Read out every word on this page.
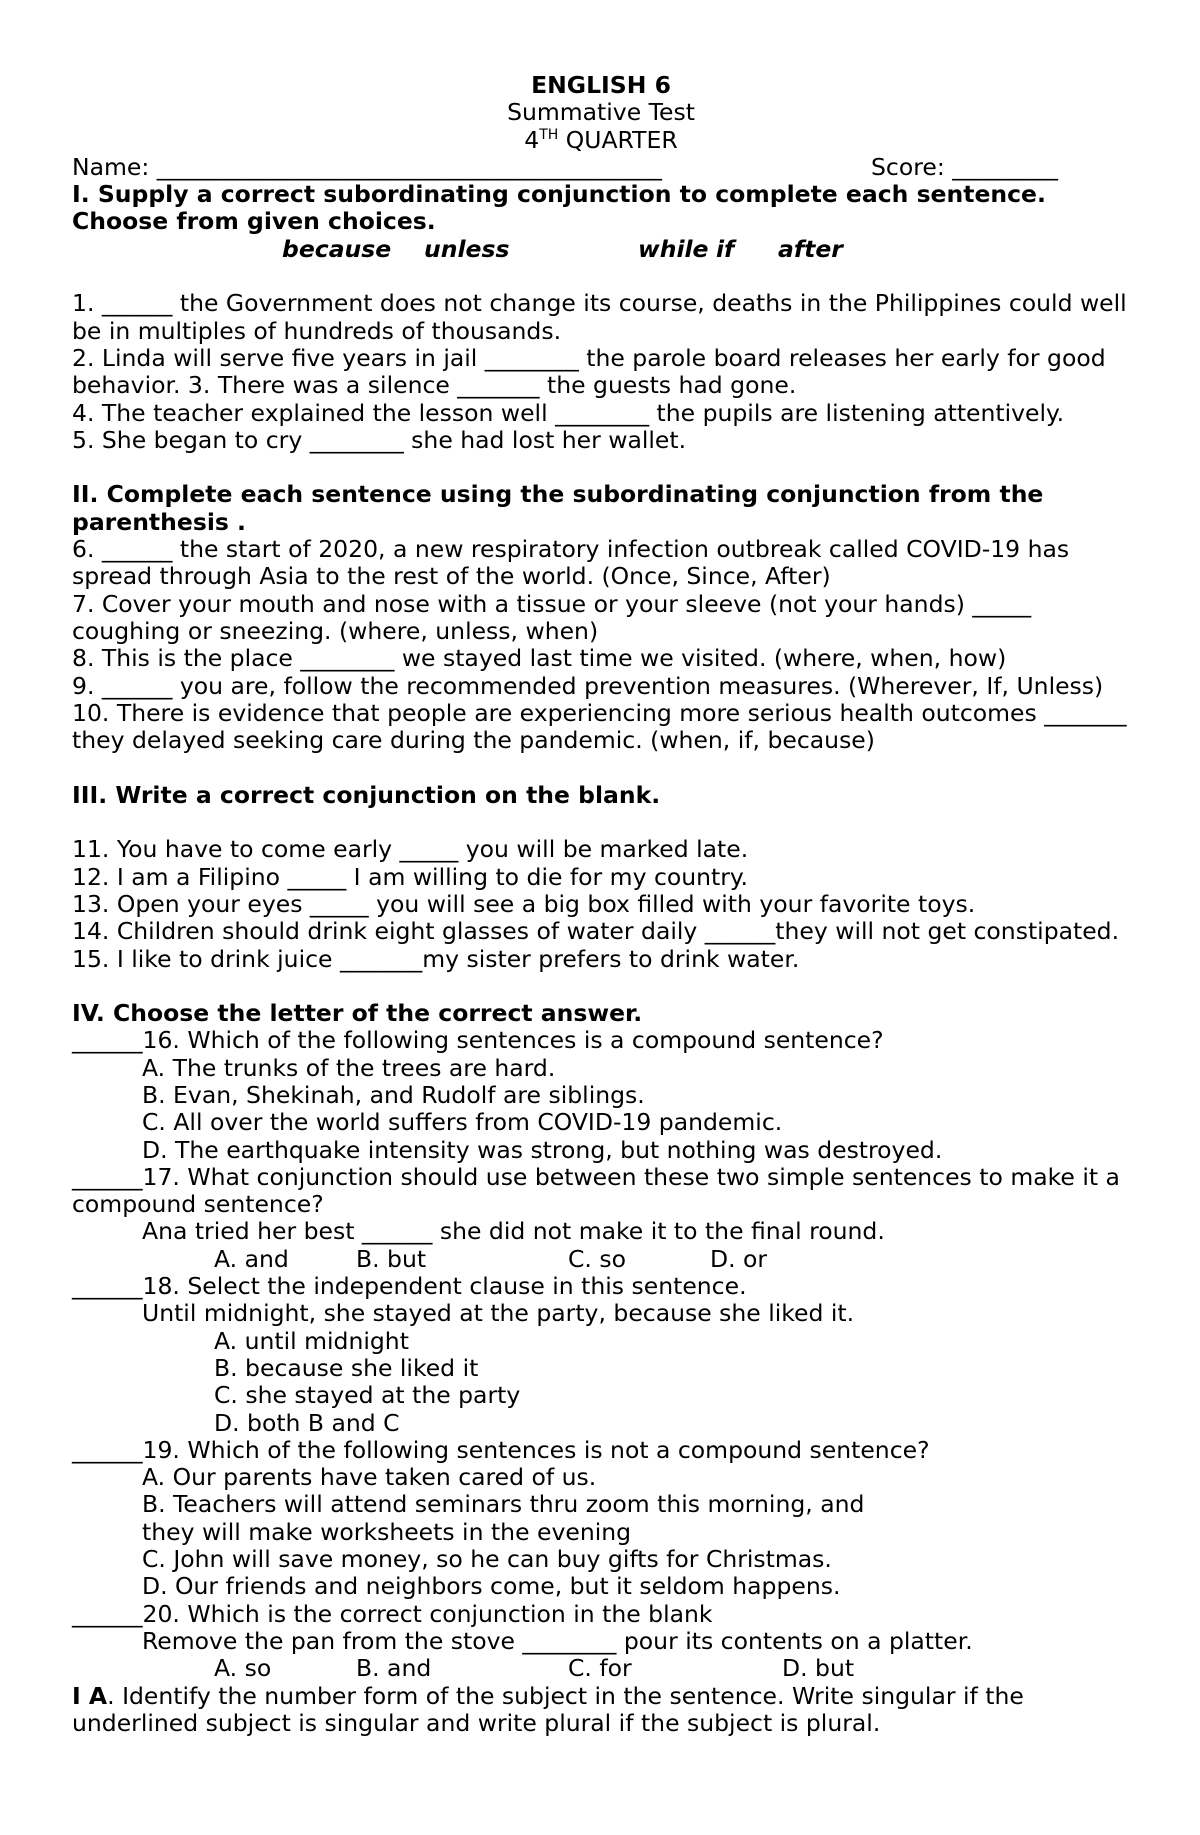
ENGLISH 6
Summative Test
4TH QUARTER
Name: ___________________________________________	Score: _________
I. Supply a correct subordinating conjunction to complete each sentence.
Choose from given choices.
because unless	while if after
1. ______ the Government does not change its course, deaths in the Philippines could well
be in multiples of hundreds of thousands.
2. Linda will serve five years in jail ________ the parole board releases her early for good
behavior. 3. There was a silence _______ the guests had gone.
4. The teacher explained the lesson well ________ the pupils are listening attentively.
5. She began to cry ________ she had lost her wallet.
II. Complete each sentence using the subordinating conjunction from the
parenthesis .
6. ______ the start of 2020, a new respiratory infection outbreak called COVID-19 has
spread through Asia to the rest of the world. (Once, Since, After)
7. Cover your mouth and nose with a tissue or your sleeve (not your hands) _____
coughing or sneezing. (where, unless, when)
8. This is the place ________ we stayed last time we visited. (where, when, how)
9. ______ you are, follow the recommended prevention measures. (Wherever, If, Unless)
10. There is evidence that people are experiencing more serious health outcomes _______
they delayed seeking care during the pandemic. (when, if, because)
III. Write a correct conjunction on the blank.
11. You have to come early _____ you will be marked late.
12. I am a Filipino _____ I am willing to die for my country.
13. Open your eyes _____ you will see a big box filled with your favorite toys.
14. Children should drink eight glasses of water daily ______they will not get constipated.
15. I like to drink juice _______my sister prefers to drink water.
IV. Choose the letter of the correct answer.
______16. Which of the following sentences is a compound sentence?
A. The trunks of the trees are hard.
B. Evan, Shekinah, and Rudolf are siblings.
C. All over the world suffers from COVID-19 pandemic.
D. The earthquake intensity was strong, but nothing was destroyed.
______17. What conjunction should use between these two simple sentences to make it a
compound sentence?
Ana tried her best ______ she did not make it to the final round.
A. and	B. but	C. so	D. or
______18. Select the independent clause in this sentence.
Until midnight, she stayed at the party, because she liked it.
A. until midnight
B. because she liked it
C. she stayed at the party
D. both B and C
______19. Which of the following sentences is not a compound sentence?
A. Our parents have taken cared of us.
B. Teachers will attend seminars thru zoom this morning, and
they will make worksheets in the evening
C. John will save money, so he can buy gifts for Christmas.
D. Our friends and neighbors come, but it seldom happens.
______20. Which is the correct conjunction in the blank
Remove the pan from the stove ________ pour its contents on a platter.
A. so	B. and	C. for	D. but
I A. Identify the number form of the subject in the sentence. Write singular if the
underlined subject is singular and write plural if the subject is plural.
